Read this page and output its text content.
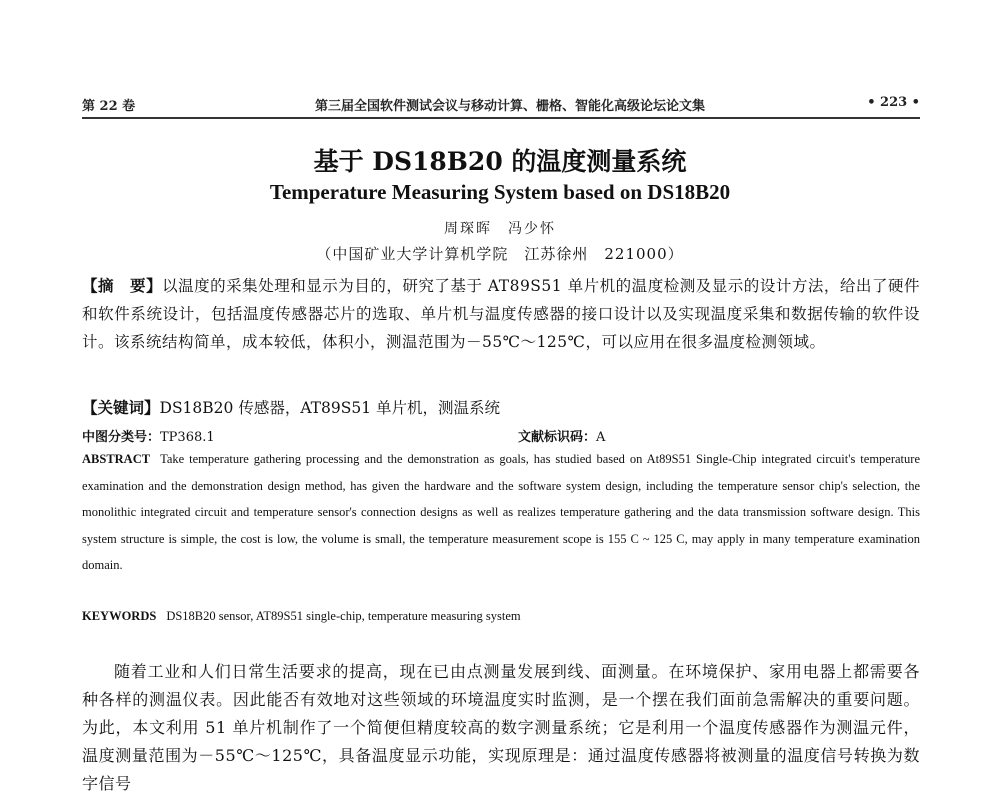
第 22 卷	第三届全国软件测试会议与移动计算、栅格、智能化高级论坛论文集	• 223 •
基于 DS18B20 的温度测量系统
Temperature Measuring System based on DS18B20
周琛晖　冯少怀
（中国矿业大学计算机学院　江苏徐州　221000）
【摘　要】以温度的采集处理和显示为目的，研究了基于 AT89S51 单片机的温度检测及显示的设计方法，给出了硬件和软件系统设计，包括温度传感器芯片的选取、单片机与温度传感器的接口设计以及实现温度采集和数据传输的软件设计。该系统结构简单，成本较低，体积小，测温范围为－55℃～125℃，可以应用在很多温度检测领域。
【关键词】DS18B20 传感器，AT89S51 单片机，测温系统
中图分类号：TP368.1	文献标识码：A
ABSTRACT Take temperature gathering processing and the demonstration as goals, has studied based on At89S51 Single-Chip integrated circuit's temperature examination and the demonstration design method, has given the hardware and the software system design, including the temperature sensor chip's selection, the monolithic integrated circuit and temperature sensor's connection designs as well as realizes temperature gathering and the data transmission software design. This system structure is simple, the cost is low, the volume is small, the temperature measurement scope is 155 C ~ 125 C, may apply in many temperature examination domain.
KEYWORDS DS18B20 sensor, AT89S51 single-chip, temperature measuring system
随着工业和人们日常生活要求的提高，现在已由点测量发展到线、面测量。在环境保护、家用电器上都需要各种各样的测温仪表。因此能否有效地对这些领域的环境温度实时监测，是一个摆在我们面前急需解决的重要问题。为此，本文利用 51 单片机制作了一个简便但精度较高的数字测量系统；它是利用一个温度传感器作为测温元件，温度测量范围为－55℃～125℃，具备温度显示功能，实现原理是：通过温度传感器将被测量的温度信号转换为数字信号
